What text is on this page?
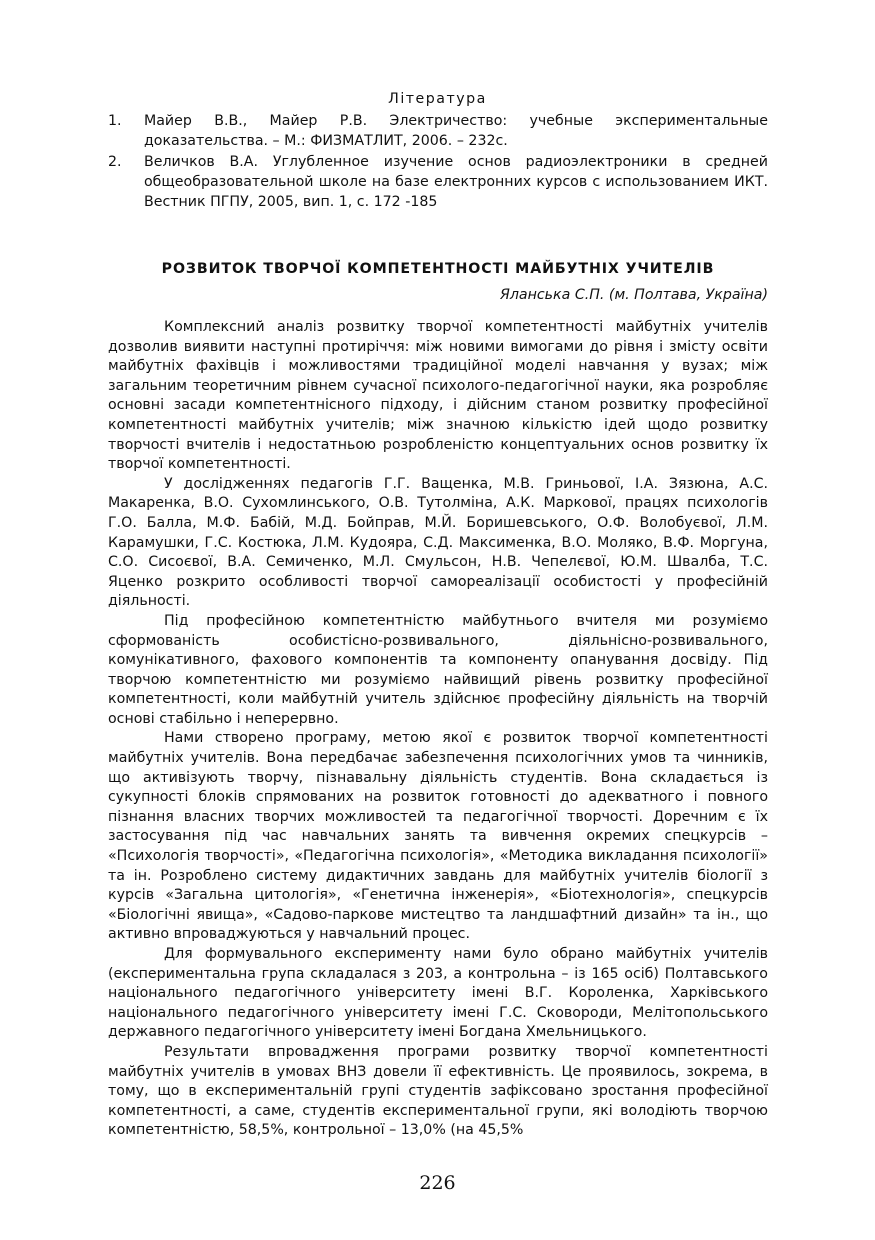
Література
1. Майер В.В., Майер Р.В. Электричество: учебные экспериментальные доказательства. – М.: ФИЗМАТЛИТ, 2006. – 232с.
2. Величков В.А. Углубленное изучение основ радиоэлектроники в средней общеобразовательной школе на базе електронних курсов с использованием ИКТ. Вестник ПГПУ, 2005, вип. 1, с. 172 -185
РОЗВИТОК ТВОРЧОЇ КОМПЕТЕНТНОСТІ МАЙБУТНІХ УЧИТЕЛІВ
Яланська С.П. (м. Полтава, Україна)

Комплексний аналіз розвитку творчої компетентності майбутніх учителів дозволив виявити наступні протиріччя: між новими вимогами до рівня і змісту освіти майбутніх фахівців і можливостями традиційної моделі навчання у вузах; між загальним теоретичним рівнем сучасної психолого-педагогічної науки, яка розробляє основні засади компетентнісного підходу, і дійсним станом розвитку професійної компетентності майбутніх учителів; між значною кількістю ідей щодо розвитку творчості вчителів і недостатньою розробленістю концептуальних основ розвитку їх творчої компетентності.

У дослідженнях педагогів Г.Г. Ващенка, М.В. Гриньової, І.А. Зязюна, А.С. Макаренка, В.О. Сухомлинського, О.В. Тутолміна, А.К. Маркової, працях психологів Г.О. Балла, М.Ф. Бабій, М.Д. Бойправ, М.Й. Боришевського, О.Ф. Волобуєвої, Л.М. Карамушки, Г.С. Костюка, Л.М. Кудояра, С.Д. Максименка, В.О. Моляко, В.Ф. Моргуна, С.О. Сисоєвої, В.А. Семиченко, М.Л. Смульсон, Н.В. Чепелєвої, Ю.М. Швалба, Т.С. Яценко розкрито особливості творчої самореалізації особистості у професійній діяльності.

Під професійною компетентністю майбутнього вчителя ми розуміємо сформованість особистісно-розвивального, діяльнісно-розвивального, комунікативного, фахового компонентів та компоненту опанування досвіду. Під творчою компетентністю ми розуміємо найвищий рівень розвитку професійної компетентності, коли майбутній учитель здійснює професійну діяльність на творчій основі стабільно і неперервно.

Нами створено програму, метою якої є розвиток творчої компетентності майбутніх учителів. Вона передбачає забезпечення психологічних умов та чинників, що активізують творчу, пізнавальну діяльність студентів. Вона складається із сукупності блоків спрямованих на розвиток готовності до адекватного і повного пізнання власних творчих можливостей та педагогічної творчості. Доречним є їх застосування під час навчальних занять та вивчення окремих спецкурсів – «Психологія творчості», «Педагогічна психологія», «Методика викладання психології» та ін. Розроблено систему дидактичних завдань для майбутніх учителів біології з курсів «Загальна цитологія», «Генетична інженерія», «Біотехнологія», спецкурсів «Біологічні явища», «Садово-паркове мистецтво та ландшафтний дизайн» та ін., що активно впроваджуються у навчальний процес.

Для формувального експерименту нами було обрано майбутніх учителів (експериментальна група складалася з 203, а контрольна – із 165 осіб) Полтавського національного педагогічного університету імені В.Г. Короленка, Харківського національного педагогічного університету імені Г.С. Сковороди, Мелітопольського державного педагогічного університету імені Богдана Хмельницького.

Результати впровадження програми розвитку творчої компетентності майбутніх учителів в умовах ВНЗ довели її ефективність. Це проявилось, зокрема, в тому, що в експериментальній групі студентів зафіксовано зростання професійної компетентності, а саме, студентів експериментальної групи, які володіють творчою компетентністю, 58,5%, контрольної – 13,0% (на 45,5%

226
